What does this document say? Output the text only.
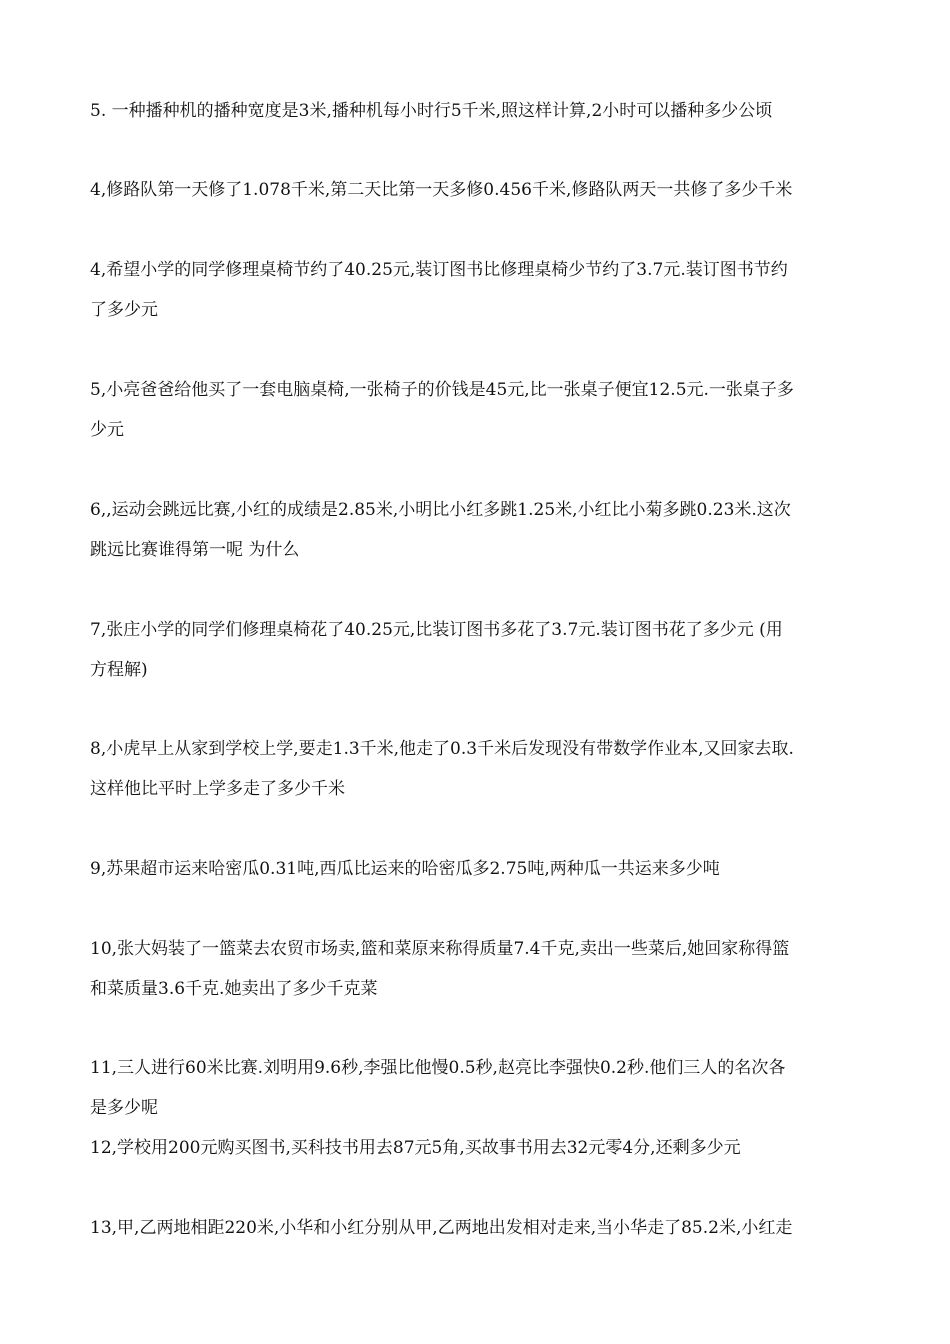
5. 一种播种机的播种宽度是3米,播种机每小时行5千米,照这样计算,2小时可以播种多少公顷
4,修路队第一天修了1.078千米,第二天比第一天多修0.456千米,修路队两天一共修了多少千米
4,希望小学的同学修理桌椅节约了40.25元,装订图书比修理桌椅少节约了3.7元.装订图书节约
了多少元
5,小亮爸爸给他买了一套电脑桌椅,一张椅子的价钱是45元,比一张桌子便宜12.5元.一张桌子多
少元
6,,运动会跳远比赛,小红的成绩是2.85米,小明比小红多跳1.25米,小红比小菊多跳0.23米.这次
跳远比赛谁得第一呢 为什么
7,张庄小学的同学们修理桌椅花了40.25元,比装订图书多花了3.7元.装订图书花了多少元 (用
方程解)
8,小虎早上从家到学校上学,要走1.3千米,他走了0.3千米后发现没有带数学作业本,又回家去取.
这样他比平时上学多走了多少千米
9,苏果超市运来哈密瓜0.31吨,西瓜比运来的哈密瓜多2.75吨,两种瓜一共运来多少吨
10,张大妈装了一篮菜去农贸市场卖,篮和菜原来称得质量7.4千克,卖出一些菜后,她回家称得篮
和菜质量3.6千克.她卖出了多少千克菜
11,三人进行60米比赛.刘明用9.6秒,李强比他慢0.5秒,赵亮比李强快0.2秒.他们三人的名次各
是多少呢
12,学校用200元购买图书,买科技书用去87元5角,买故事书用去32元零4分,还剩多少元
13,甲,乙两地相距220米,小华和小红分别从甲,乙两地出发相对走来,当小华走了85.2米,小红走
